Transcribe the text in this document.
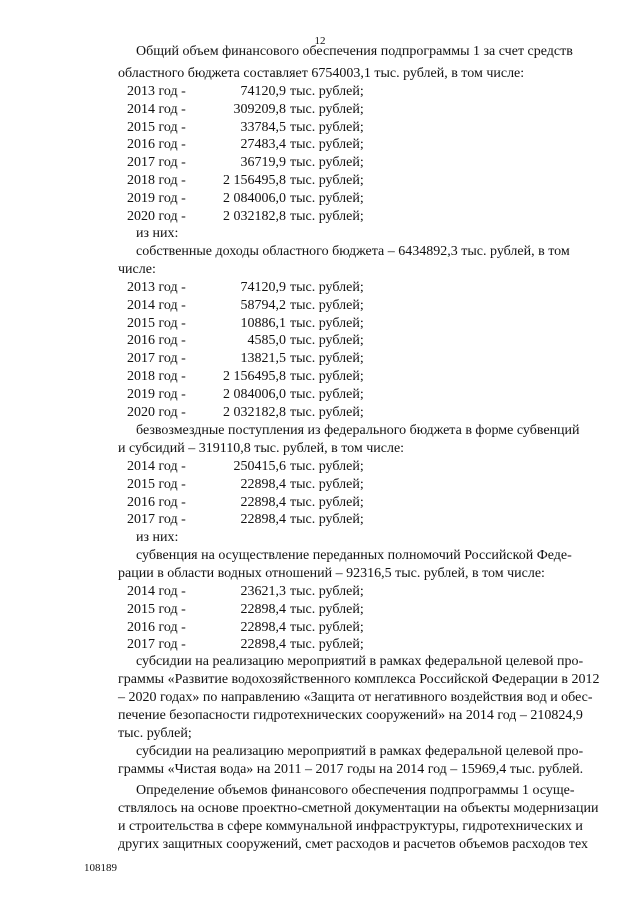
12
Общий объем финансового обеспечения подпрограммы 1 за счет средств
областного бюджета составляет 6754003,1 тыс. рублей, в том числе:
2013 год -	74120,9 тыс. рублей;
2014 год -	309209,8 тыс. рублей;
2015 год -	33784,5 тыс. рублей;
2016 год -	27483,4 тыс. рублей;
2017 год -	36719,9 тыс. рублей;
2018 год -	2 156495,8 тыс. рублей;
2019 год -	2 084006,0 тыс. рублей;
2020 год -	2 032182,8 тыс. рублей;
из них:
собственные доходы областного бюджета – 6434892,3 тыс. рублей, в том
числе:
2013 год -	74120,9 тыс. рублей;
2014 год -	58794,2 тыс. рублей;
2015 год -	10886,1 тыс. рублей;
2016 год -	4585,0 тыс. рублей;
2017 год -	13821,5 тыс. рублей;
2018 год -	2 156495,8 тыс. рублей;
2019 год -	2 084006,0 тыс. рублей;
2020 год -	2 032182,8 тыс. рублей;
безвозмездные поступления из федерального бюджета в форме субвенций
и субсидий – 319110,8 тыс. рублей, в том числе:
2014 год -	250415,6 тыс. рублей;
2015 год -	22898,4 тыс. рублей;
2016 год -	22898,4 тыс. рублей;
2017 год -	22898,4 тыс. рублей;
из них:
субвенция на осуществление переданных полномочий Российской Феде-
рации в области водных отношений – 92316,5 тыс. рублей, в том числе:
2014 год -	23621,3 тыс. рублей;
2015 год -	22898,4 тыс. рублей;
2016 год -	22898,4 тыс. рублей;
2017 год -	22898,4 тыс. рублей;
субсидии на реализацию мероприятий в рамках федеральной целевой про-
граммы «Развитие водохозяйственного комплекса Российской Федерации в 2012
– 2020 годах» по направлению «Защита от негативного воздействия вод и обес-
печение безопасности гидротехнических сооружений» на 2014 год – 210824,9
тыс. рублей;
субсидии на реализацию мероприятий в рамках федеральной целевой про-
граммы «Чистая вода» на 2011 – 2017 годы на 2014 год – 15969,4 тыс. рублей.
Определение объемов финансового обеспечения подпрограммы 1 осуще-
ствлялось на основе проектно-сметной документации на объекты модернизации
и строительства в сфере коммунальной инфраструктуры, гидротехнических и
других защитных сооружений, смет расходов и расчетов объемов расходов тех
108189
